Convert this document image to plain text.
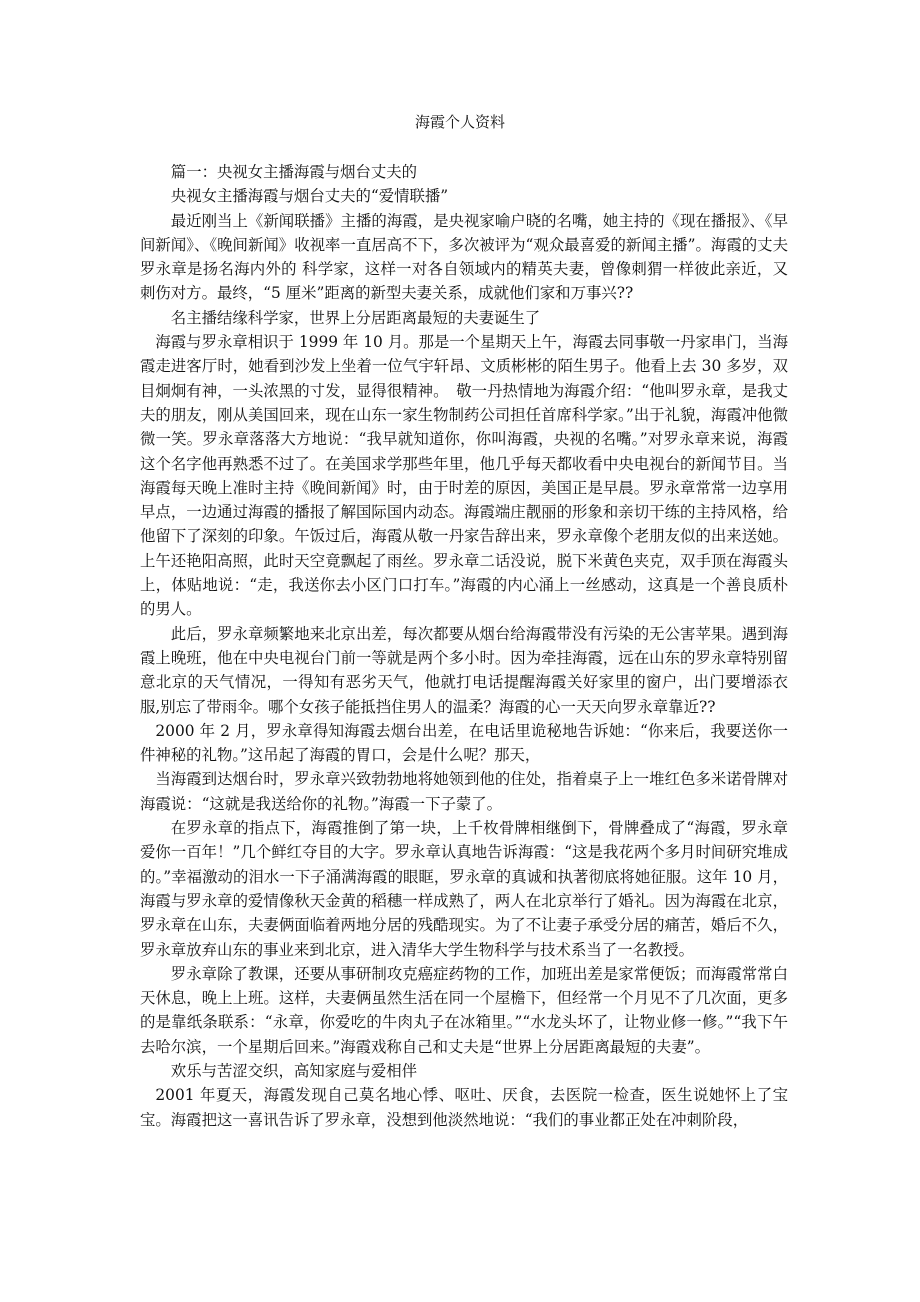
海霞个人资料

篇一：央视女主播海霞与烟台丈夫的

央视女主播海霞与烟台丈夫的“爱情联播”

最近刚当上《新闻联播》主播的海霞，是央视家喻户晓的名嘴，她主持的《现在播报》、《早间新闻》、《晚间新闻》收视率一直居高不下，多次被评为“观众最喜爱的新闻主播”。海霞的丈夫罗永章是扬名海内外的 科学家，这样一对各自领域内的精英夫妻，曾像刺猬一样彼此亲近，又刺伤对方。最终，“5 厘米”距离的新型夫妻关系，成就他们家和万事兴??

名主播结缘科学家，世界上分居距离最短的夫妻诞生了

海霞与罗永章相识于 1999 年 10 月。那是一个星期天上午，海霞去同事敬一丹家串门，当海霞走进客厅时，她看到沙发上坐着一位气宇轩昂、文质彬彬的陌生男子。他看上去 30 多岁，双目炯炯有神，一头浓黑的寸发，显得很精神。　敬一丹热情地为海霞介绍：“他叫罗永章，是我丈夫的朋友，刚从美国回来，现在山东一家生物制药公司担任首席科学家。”出于礼貌，海霞冲他微微一笑。罗永章落落大方地说：“我早就知道你，你叫海霞，央视的名嘴。”对罗永章来说，海霞这个名字他再熟悉不过了。在美国求学那些年里，他几乎每天都收看中央电视台的新闻节目。当海霞每天晚上准时主持《晚间新闻》时，由于时差的原因，美国正是早晨。罗永章常常一边享用早点，一边通过海霞的播报了解国际国内动态。海霞端庄靓丽的形象和亲切干练的主持风格，给他留下了深刻的印象。午饭过后，海霞从敬一丹家告辞出来，罗永章像个老朋友似的出来送她。上午还艳阳高照，此时天空竟飘起了雨丝。罗永章二话没说，脱下米黄色夹克，双手顶在海霞头上，体贴地说：“走，我送你去小区门口打车。”海霞的内心涌上一丝感动，这真是一个善良质朴的男人。

此后，罗永章频繁地来北京出差，每次都要从烟台给海霞带没有污染的无公害苹果。遇到海霞上晚班，他在中央电视台门前一等就是两个多小时。因为牵挂海霞，远在山东的罗永章特别留意北京的天气情况，一得知有恶劣天气，他就打电话提醒海霞关好家里的窗户，出门要增添衣服,别忘了带雨伞。哪个女孩子能抵挡住男人的温柔？海霞的心一天天向罗永章靠近??

2000 年 2 月，罗永章得知海霞去烟台出差，在电话里诡秘地告诉她：“你来后，我要送你一件神秘的礼物。”这吊起了海霞的胃口，会是什么呢？那天，

当海霞到达烟台时，罗永章兴致勃勃地将她领到他的住处，指着桌子上一堆红色多米诺骨牌对海霞说：“这就是我送给你的礼物。”海霞一下子蒙了。

在罗永章的指点下，海霞推倒了第一块，上千枚骨牌相继倒下，骨牌叠成了“海霞，罗永章爱你一百年！”几个鲜红夺目的大字。罗永章认真地告诉海霞：“这是我花两个多月时间研究堆成的。”幸福激动的泪水一下子涌满海霞的眼眶，罗永章的真诚和执著彻底将她征服。这年 10 月，海霞与罗永章的爱情像秋天金黄的稻穗一样成熟了，两人在北京举行了婚礼。因为海霞在北京，罗永章在山东，夫妻俩面临着两地分居的残酷现实。为了不让妻子承受分居的痛苦，婚后不久，罗永章放弃山东的事业来到北京，进入清华大学生物科学与技术系当了一名教授。

罗永章除了教课，还要从事研制攻克癌症药物的工作，加班出差是家常便饭；而海霞常常白天休息，晚上上班。这样，夫妻俩虽然生活在同一个屋檐下，但经常一个月见不了几次面，更多的是靠纸条联系：“永章，你爱吃的牛肉丸子在冰箱里。”“水龙头坏了，让物业修一修。”“我下午去哈尔滨，一个星期后回来。”海霞戏称自己和丈夫是“世界上分居距离最短的夫妻”。

欢乐与苦涩交织，高知家庭与爱相伴

2001 年夏天，海霞发现自己莫名地心悸、呕吐、厌食，去医院一检查，医生说她怀上了宝宝。海霞把这一喜讯告诉了罗永章，没想到他淡然地说：“我们的事业都正处在冲刺阶段，
